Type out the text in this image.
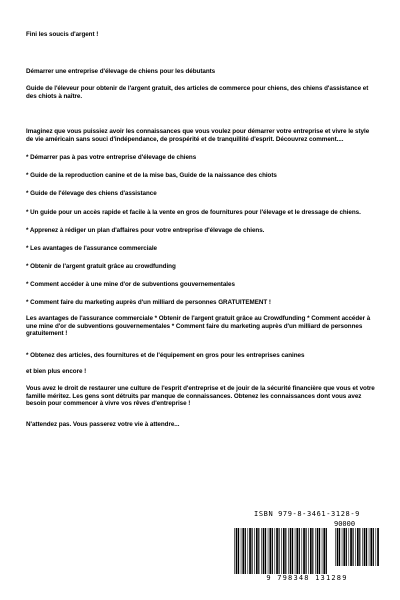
Fini les soucis d'argent !
Démarrer une entreprise d'élevage de chiens pour les débutants
Guide de l'éleveur pour obtenir de l'argent gratuit, des articles de commerce pour chiens, des chiens d'assistance et des chiots à naître.
Imaginez que vous puissiez avoir les connaissances que vous voulez pour démarrer votre entreprise et vivre le style de vie américain sans souci d'indépendance, de prospérité et de tranquillité d'esprit. Découvrez comment....
* Démarrer pas à pas votre entreprise d'élevage de chiens
* Guide de la reproduction canine et de la mise bas, Guide de la naissance des chiots
* Guide de l'élevage des chiens d'assistance
* Un guide pour un accès rapide et facile à la vente en gros de fournitures pour l'élevage et le dressage de chiens.
* Apprenez à rédiger un plan d'affaires pour votre entreprise d'élevage de chiens.
* Les avantages de l'assurance commerciale
* Obtenir de l'argent gratuit grâce au crowdfunding
* Comment accéder à une mine d'or de subventions gouvernementales
* Comment faire du marketing auprès d'un milliard de personnes GRATUITEMENT !
Les avantages de l'assurance commerciale * Obtenir de l'argent gratuit grâce au Crowdfunding * Comment accéder à une mine d'or de subventions gouvernementales * Comment faire du marketing auprès d'un milliard de personnes gratuitement !
* Obtenez des articles, des fournitures et de l'équipement en gros pour les entreprises canines
et bien plus encore !
Vous avez le droit de restaurer une culture de l'esprit d'entreprise et de jouir de la sécurité financière que vous et votre famille méritez. Les gens sont détruits par manque de connaissances. Obtenez les connaissances dont vous avez besoin pour commencer à vivre vos rêves d'entreprise !
N'attendez pas. Vous passerez votre vie à attendre...
ISBN 979-8-3461-3128-9
90000
9 798348 131289
